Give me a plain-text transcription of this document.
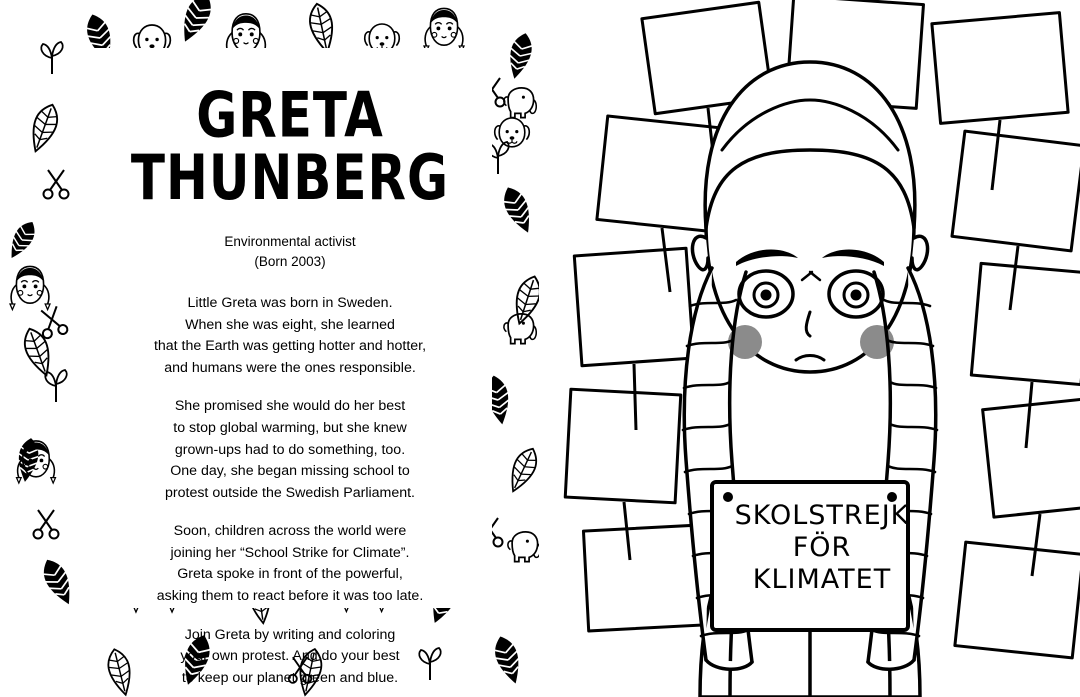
GRETA THUNBERG
Environmental activist
(Born 2003)

Little Greta was born in Sweden.
When she was eight, she learned
that the Earth was getting hotter and hotter,
and humans were the ones responsible.

She promised she would do her best
to stop global warming, but she knew
grown-ups had to do something, too.
One day, she began missing school to
protest outside the Swedish Parliament.

Soon, children across the world were
joining her “School Strike for Climate”.
Greta spoke in front of the powerful,
asking them to react before it was too late.

Join Greta by writing and coloring
your own protest. And do your best
to keep our planet green and blue.

SKOLSTREJK
FÖR
KLIMATET
